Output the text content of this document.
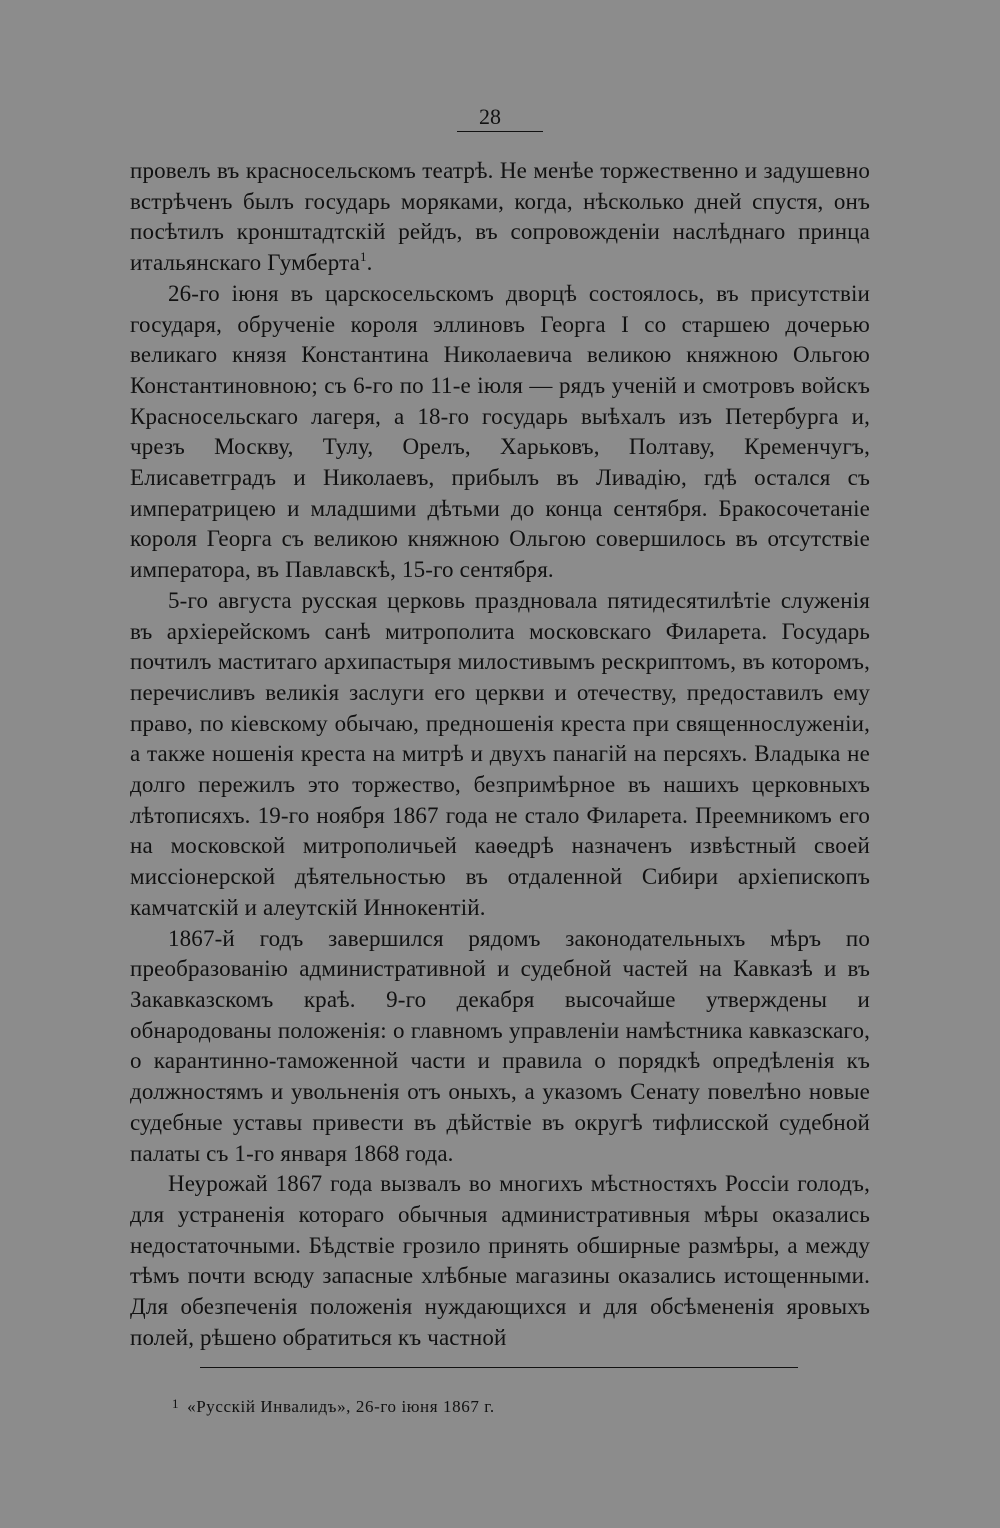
28

провелъ въ красносельскомъ театрѣ. Не менѣе торжественно и задушевно встрѣченъ былъ государь моряками, когда, нѣсколько дней спустя, онъ посѣтилъ кронштадтскій рейдъ, въ сопровожденіи наслѣднаго принца итальянскаго Гумберта$^1$.

26-го іюня въ царскосельскомъ дворцѣ состоялось, въ присутствіи государя, обрученіе короля эллиновъ Георга I со старшею дочерью великаго князя Константина Николаевича великою княжною Ольгою Константиновною; съ 6-го по 11-е іюля — рядъ ученій и смотровъ войскъ Красносельскаго лагеря, а 18-го государь выѣхалъ изъ Петербурга и, чрезъ Москву, Тулу, Орелъ, Харьковъ, Полтаву, Кременчугъ, Елисаветградъ и Николаевъ, прибылъ въ Ливадію, гдѣ остался съ императрицею и младшими дѣтьми до конца сентября. Бракосочетаніе короля Георга съ великою княжною Ольгою совершилось въ отсутствіе императора, въ Павлавскѣ, 15-го сентября.

5-го августа русская церковь праздновала пятидесятилѣтіе служенія въ архіерейскомъ санѣ митрополита московскаго Филарета. Государь почтилъ маститаго архипастыря милостивымъ рескриптомъ, въ которомъ, перечисливъ великія заслуги его церкви и отечеству, предоставилъ ему право, по кіевскому обычаю, предношенія креста при священнослуженіи, а также ношенія креста на митрѣ и двухъ панагій на персяхъ. Владыка не долго пережилъ это торжество, безпримѣрное въ нашихъ церковныхъ лѣтописяхъ. 19-го ноября 1867 года не стало Филарета. Преемникомъ его на московской митрополичьей каѳедрѣ назначенъ извѣстный своей миссіонерской дѣятельностью въ отдаленной Сибири архіепископъ камчатскій и алеутскій Иннокентій.

1867-й годъ завершился рядомъ законодательныхъ мѣръ по преобразованію административной и судебной частей на Кавказѣ и въ Закавказскомъ краѣ. 9-го декабря высочайше утверждены и обнародованы положенія: о главномъ управленіи намѣстника кавказскаго, о карантинно-таможенной части и правила о порядкѣ опредѣленія къ должностямъ и увольненія отъ оныхъ, а указомъ Сенату повелѣно новые судебные уставы привести въ дѣйствіе въ округѣ тифлисской судебной палаты съ 1-го января 1868 года.

Неурожай 1867 года вызвалъ во многихъ мѣстностяхъ Россіи голодъ, для устраненія котораго обычныя административныя мѣры оказались недостаточными. Бѣдствіе грозило принять обширные размѣры, а между тѣмъ почти всюду запасные хлѣбные магазины оказались истощенными. Для обезпеченія положенія нуждающихся и для обсѣмененія яровыхъ полей, рѣшено обратиться къ частной

1 «Русскій Инвалидъ», 26-го іюня 1867 г.
